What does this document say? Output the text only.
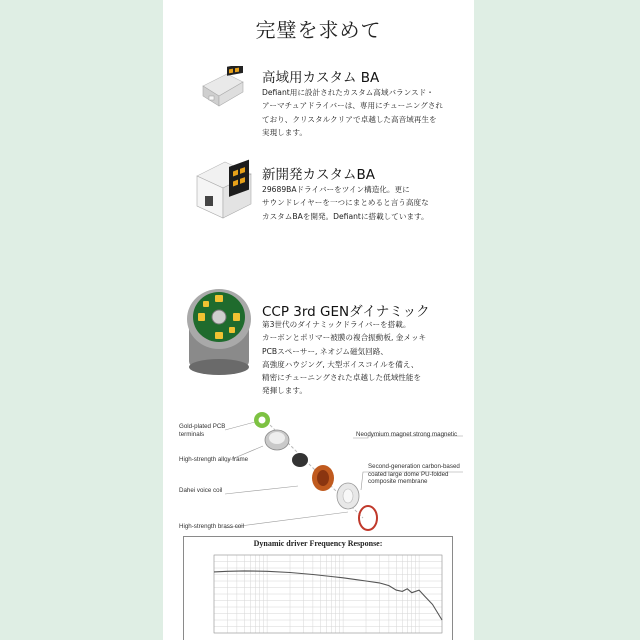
完璧を求めて
高域用カスタム BA
Defiant用に設計されたカスタム高域バランスド・
アーマチュアドライバーは、専用にチューニングされ
ており、クリスタルクリアで卓越した高音域再生を
実現します。
新開発カスタムBA
29689BAドライバーをツイン構造化。更に
サウンドレイヤーを一つにまとめると言う高度な
カスタムBAを開発。Defiantに搭載しています。
CCP 3rd GENダイナミック
第3世代のダイナミックドライバーを搭載。
カーボンとポリマー被膜の複合振動板, 金メッキ
PCBスペーサー, ネオジム磁気回路、
高強度ハウジング, 大型ボイスコイルを備え、
精密にチューニングされた卓越した低域性能を
発揮します。
Gold-plated PCB
terminals
High-strength alloy frame
Dahei voice coil
High-strength brass coil
Neodymium magnet strong magnetic
Second-generation carbon-based
coated large dome PU-folded
composite membrane
Dynamic driver Frequency Response:
